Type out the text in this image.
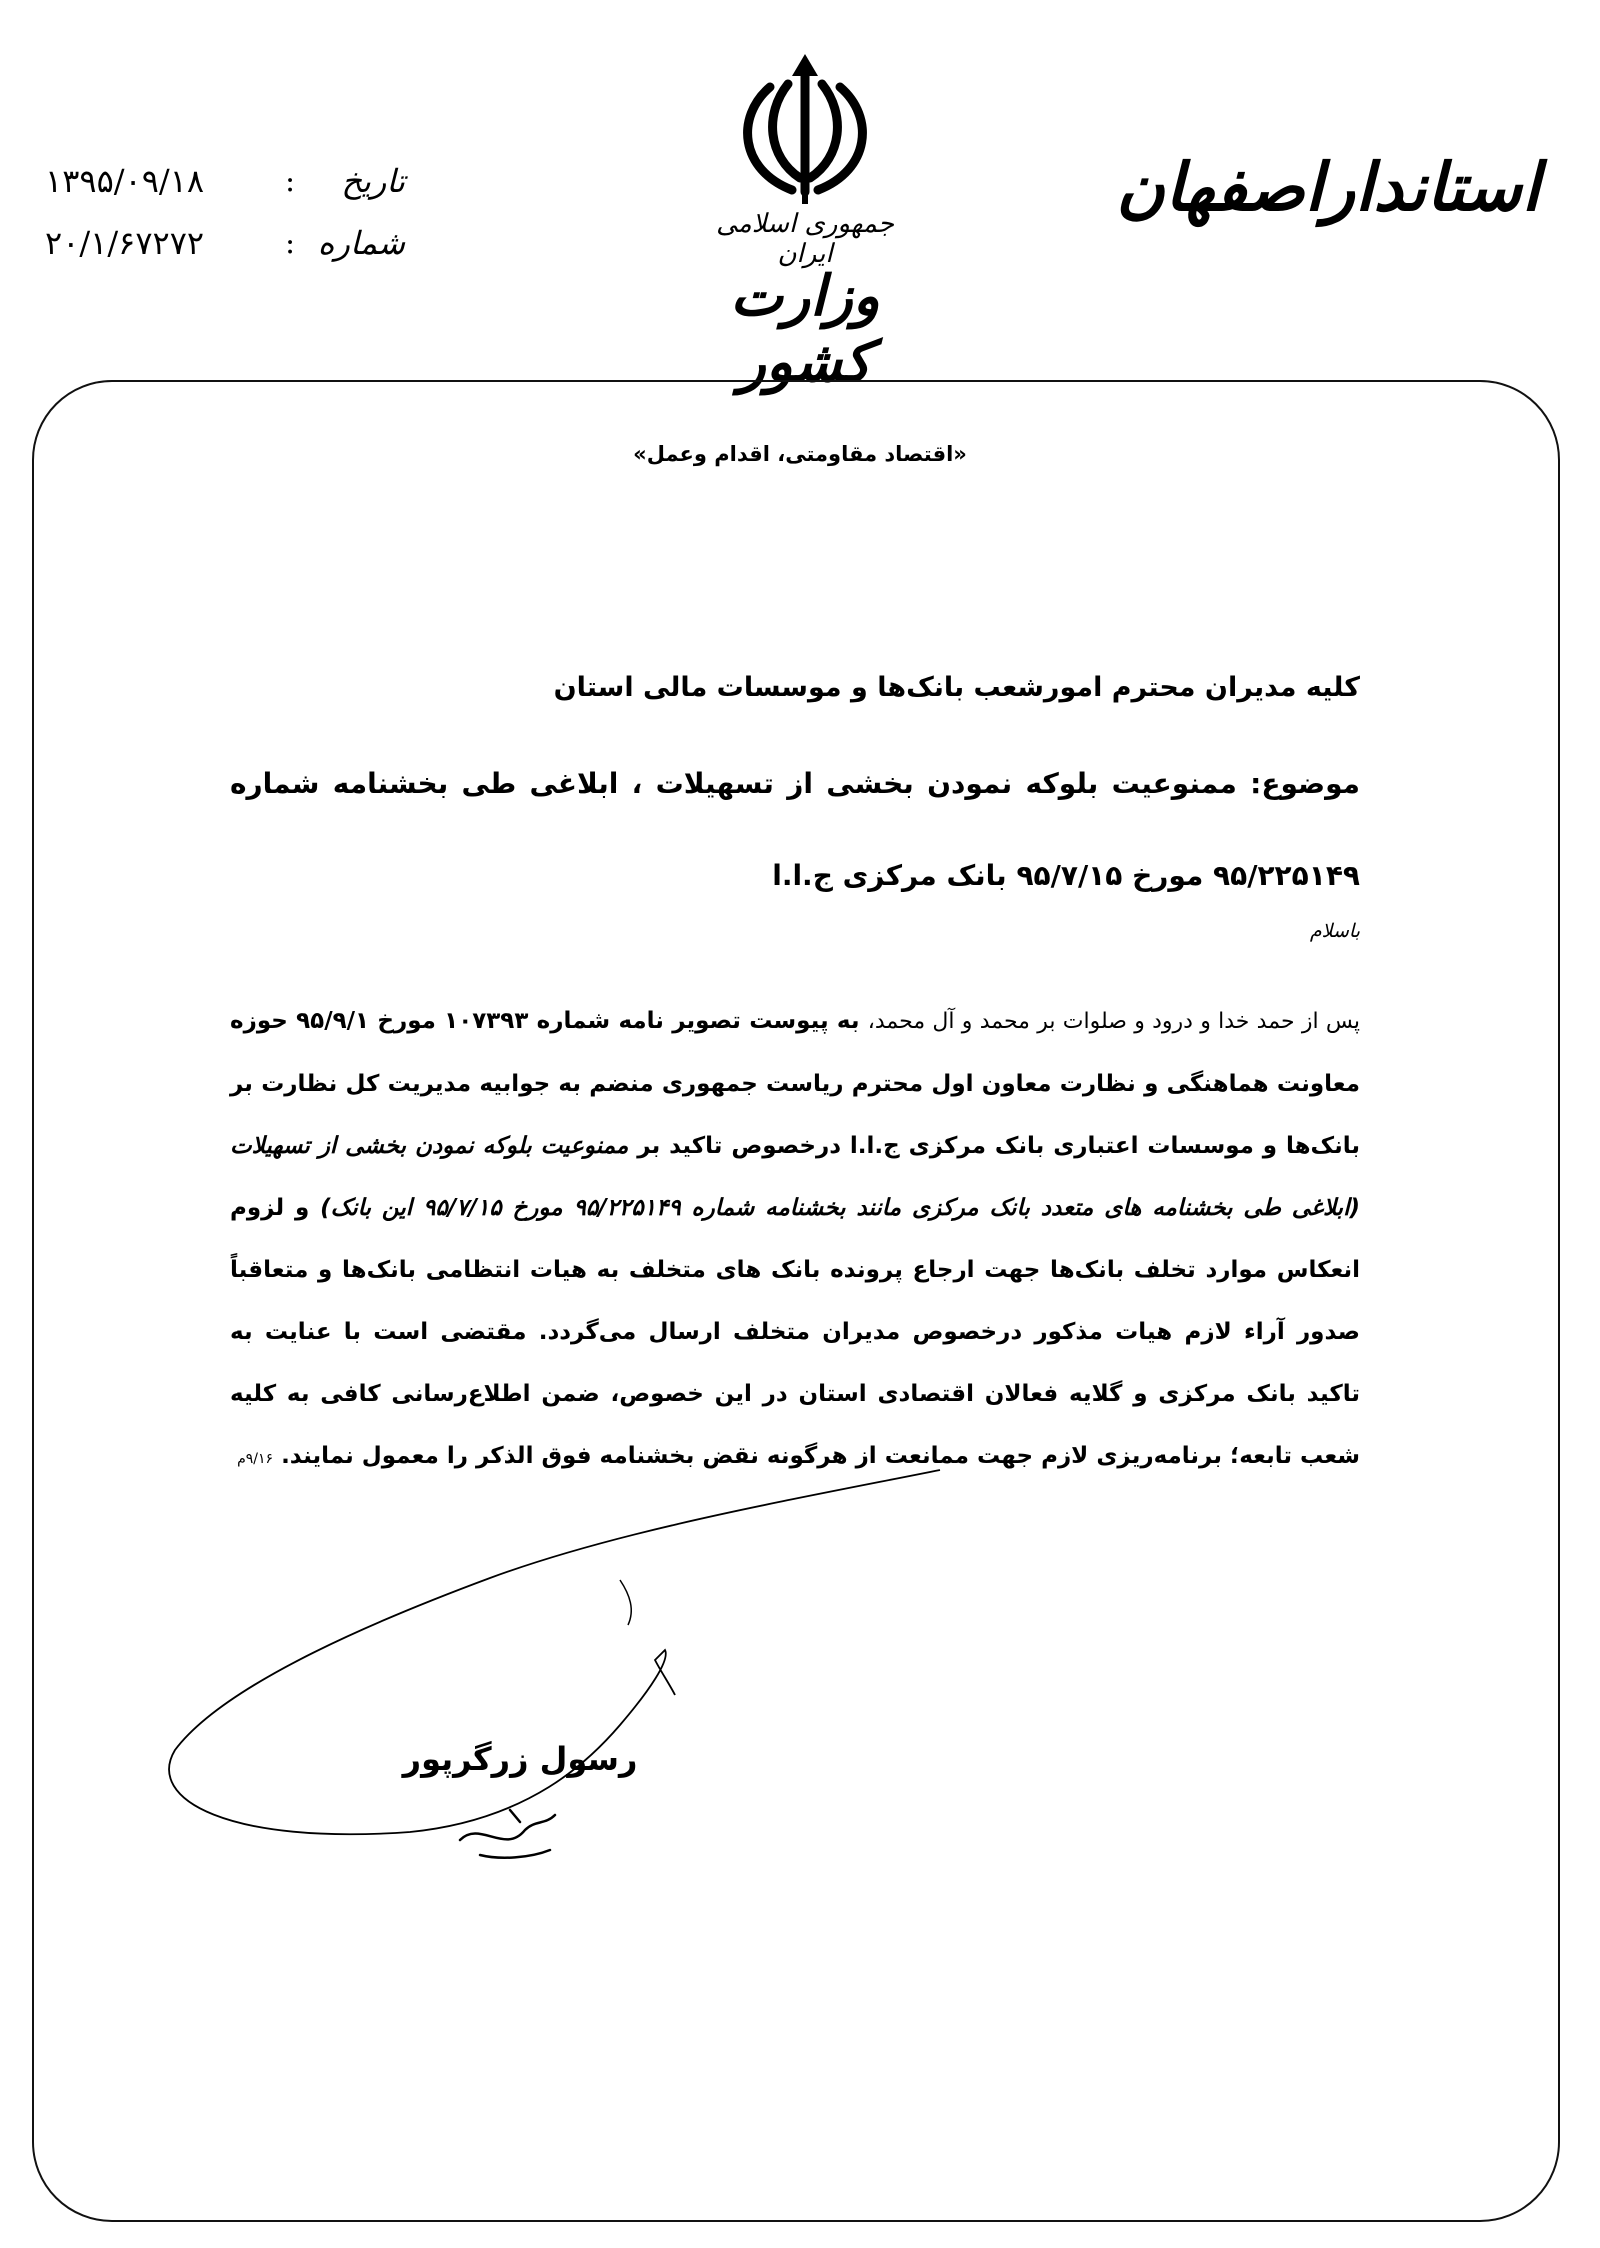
استانداراصفهان
جمهوری اسلامی ایران
وزارت کشور
تاریخ
:
۱۳۹۵/۰۹/۱۸
شماره
:
۲۰/۱/۶۷۲۷۲
«اقتصاد مقاومتی، اقدام وعمل»
کلیه مدیران محترم امورشعب بانک‌ها و موسسات مالی استان
موضوع: ممنوعیت بلوکه نمودن بخشی از تسهیلات ، ابلاغی طی بخشنامه شماره ۹۵/۲۲۵۱۴۹ مورخ ۹۵/۷/۱۵ بانک مرکزی ج.ا.ا
باسلام
پس از حمد خدا و درود و صلوات بر محمد و آل محمد، به پیوست تصویر نامه شماره ۱۰۷۳۹۳ مورخ ۹۵/۹/۱ حوزه معاونت هماهنگی و نظارت معاون اول محترم ریاست جمهوری منضم به جوابیه مدیریت کل نظارت بر بانک‌ها و موسسات اعتباری بانک مرکزی ج.ا.ا درخصوص تاکید بر ممنوعیت بلوکه نمودن بخشی از تسهیلات (ابلاغی طی بخشنامه های متعدد بانک مرکزی مانند بخشنامه شماره ۹۵/۲۲۵۱۴۹ مورخ ۹۵/۷/۱۵ این بانک) و لزوم انعکاس موارد تخلف بانک‌ها جهت ارجاع پرونده بانک های متخلف به هیات انتظامی بانک‌ها و متعاقباً صدور آراء لازم هیات مذکور درخصوص مدیران متخلف ارسال می‌گردد. مقتضی است با عنایت به تاکید بانک مرکزی و گلایه فعالان اقتصادی استان در این خصوص، ضمن اطلاع‌رسانی کافی به کلیه شعب تابعه؛ برنامه‌ریزی لازم جهت ممانعت از هرگونه نقض بخشنامه فوق الذکر را معمول نمایند. ۹/۱۶م
رسول زرگرپور
